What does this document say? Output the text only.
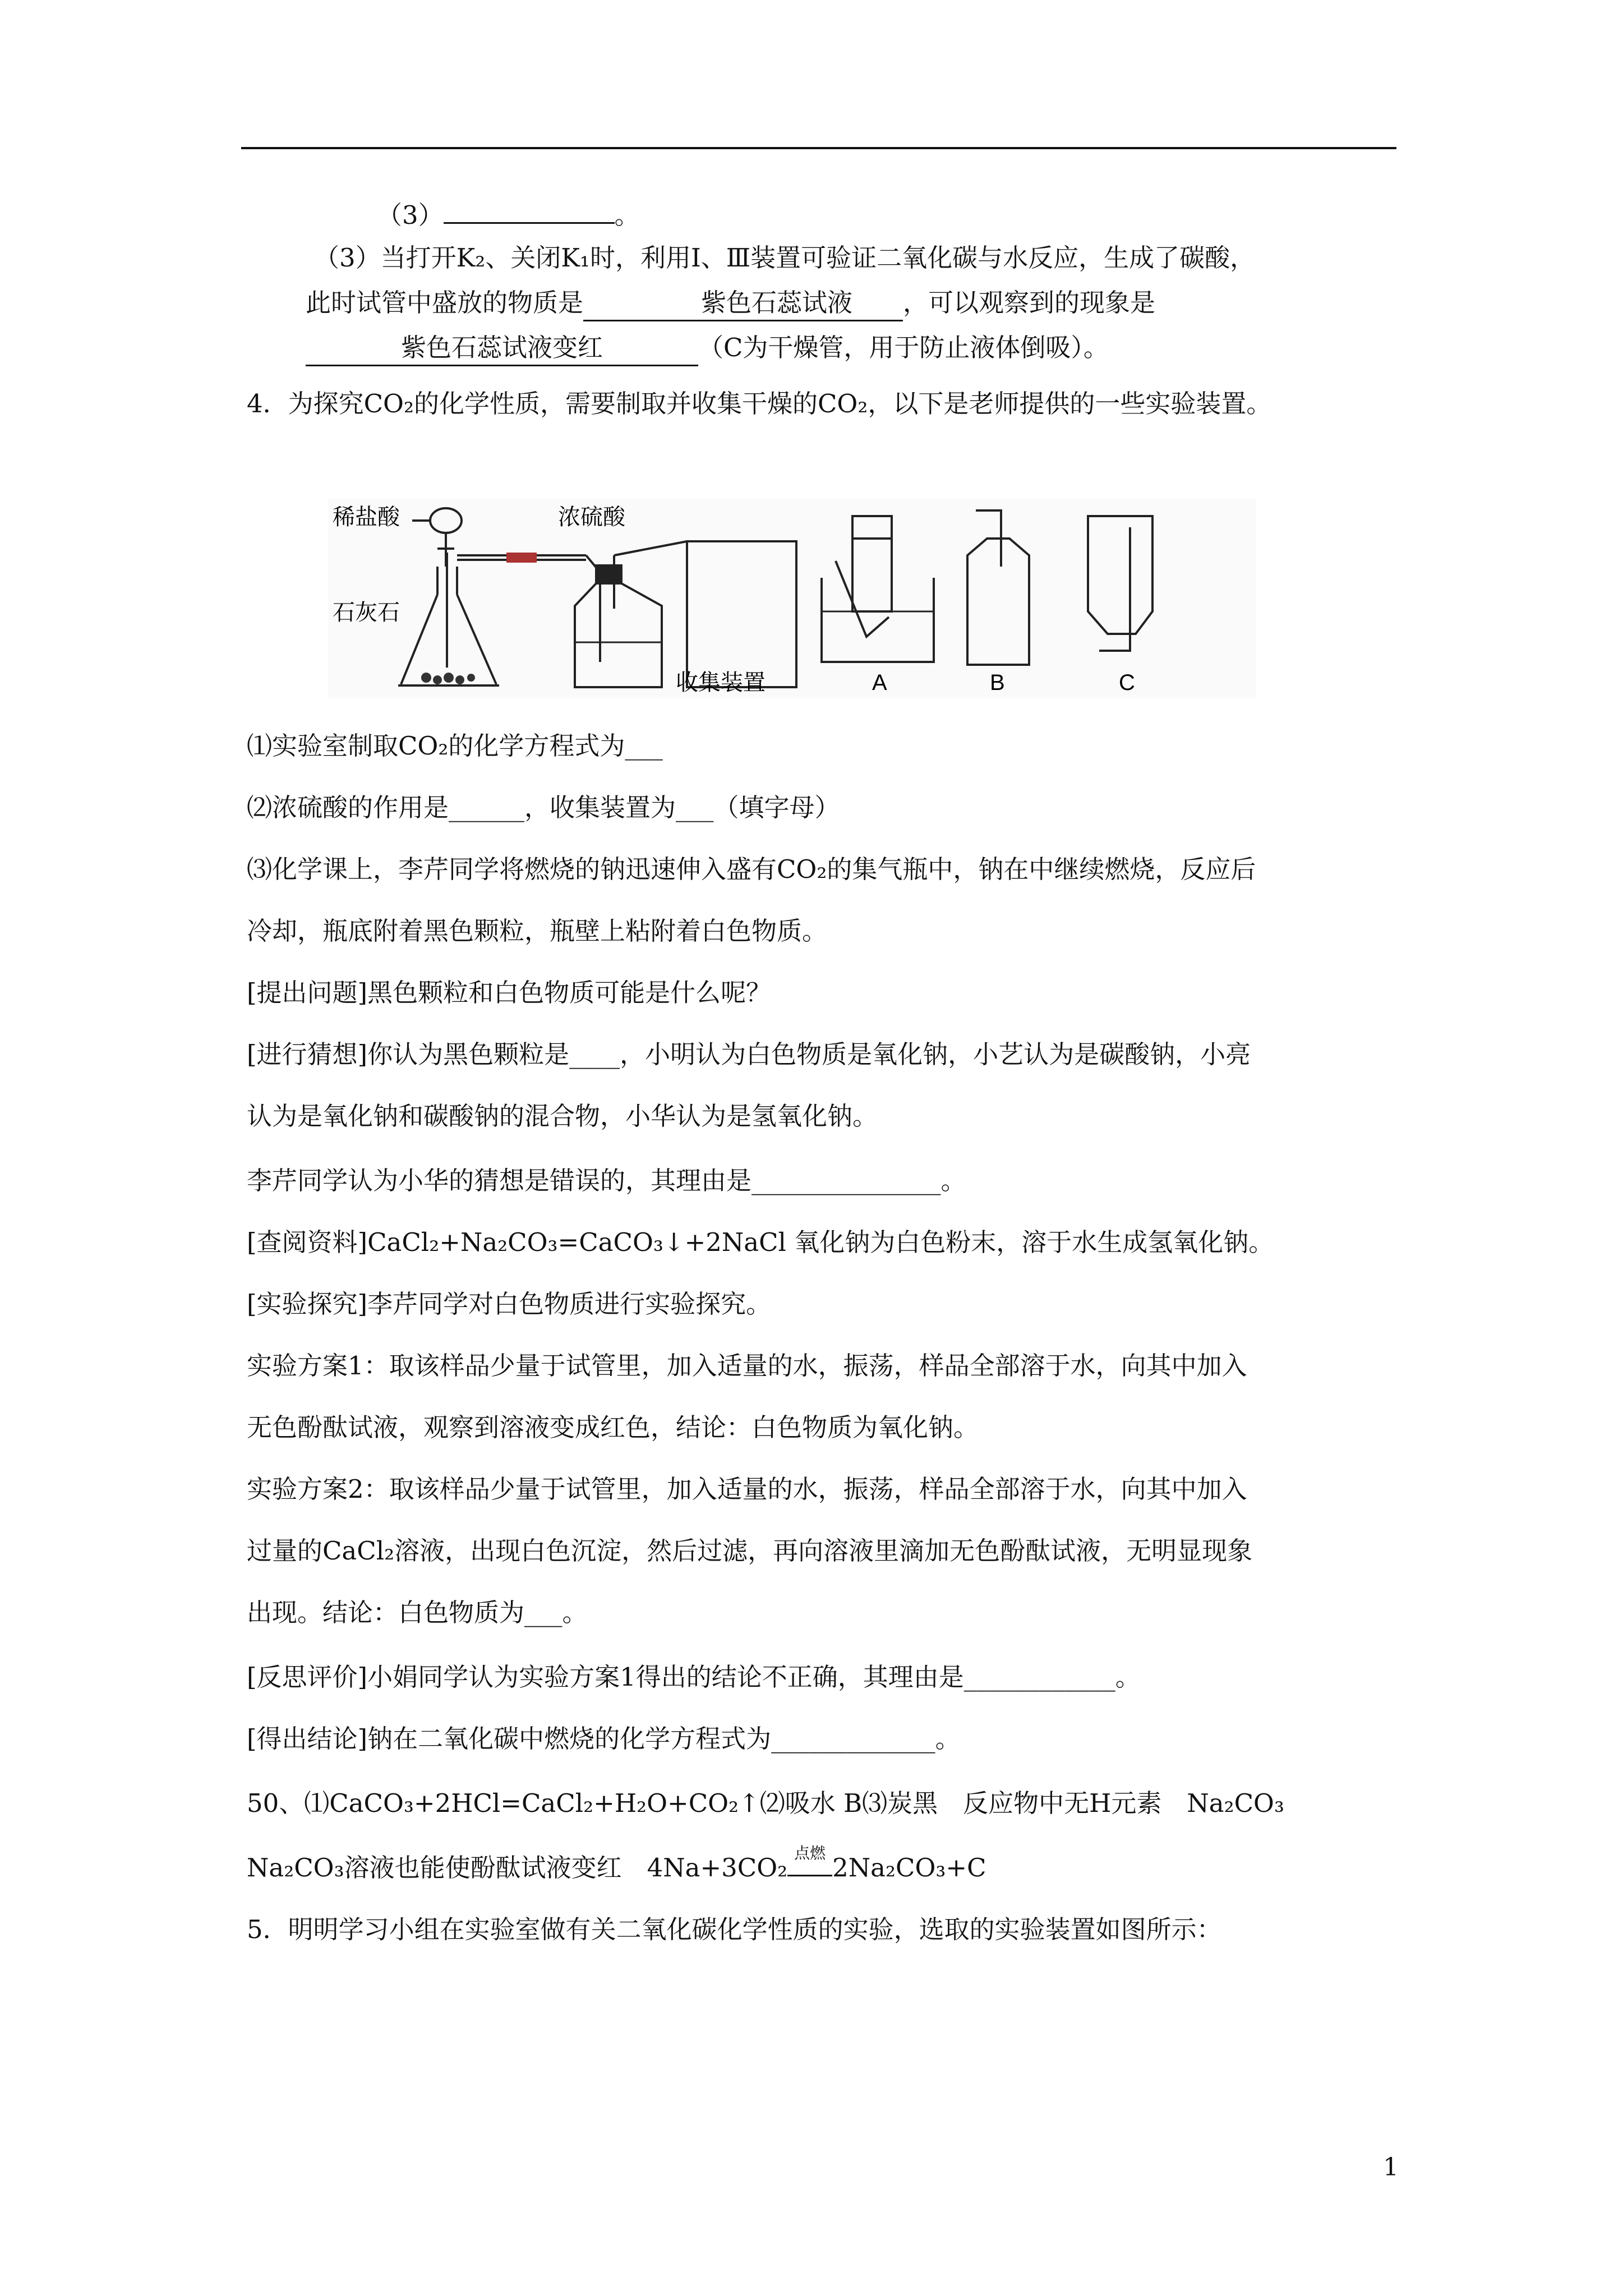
（3）	。
（3）当打开K₂、关闭K₁时，利用Ⅰ、Ⅲ装置可验证二氧化碳与水反应，生成了碳酸，
此时试管中盛放的物质是	紫色石蕊试液 ，可以观察到的现象是
紫色石蕊试液变红	（C为干燥管，用于防止液体倒吸）。
4．为探究CO₂的化学性质，需要制取并收集干燥的CO₂，以下是老师提供的一些实验装置。
稀盐酸
石灰石
浓硫酸
收集装置	A	B	C
⑴实验室制取CO₂的化学方程式为___
⑵浓硫酸的作用是______，收集装置为___（填字母）
⑶化学课上，李芹同学将燃烧的钠迅速伸入盛有CO₂的集气瓶中，钠在中继续燃烧，反应后
冷却，瓶底附着黑色颗粒，瓶壁上粘附着白色物质。
[提出问题]黑色颗粒和白色物质可能是什么呢？
[进行猜想]你认为黑色颗粒是____，小明认为白色物质是氧化钠，小艺认为是碳酸钠，小亮
认为是氧化钠和碳酸钠的混合物，小华认为是氢氧化钠。
李芹同学认为小华的猜想是错误的，其理由是_______________。
[查阅资料]CaCl₂+Na₂CO₃=CaCO₃↓+2NaCl 氧化钠为白色粉末，溶于水生成氢氧化钠。
[实验探究]李芹同学对白色物质进行实验探究。
实验方案1：取该样品少量于试管里，加入适量的水，振荡，样品全部溶于水，向其中加入
无色酚酞试液，观察到溶液变成红色，结论：白色物质为氧化钠。
实验方案2：取该样品少量于试管里，加入适量的水，振荡，样品全部溶于水，向其中加入
过量的CaCl₂溶液，出现白色沉淀，然后过滤，再向溶液里滴加无色酚酞试液，无明显现象
出现。结论：白色物质为___。
[反思评价]小娟同学认为实验方案1得出的结论不正确，其理由是____________。
[得出结论]钠在二氧化碳中燃烧的化学方程式为_____________。
50、⑴CaCO₃+2HCl=CaCl₂+H₂O+CO₂↑⑵吸水 B⑶炭黑　反应物中无H元素　Na₂CO₃
Na₂CO₃溶液也能使酚酞试液变红　4Na+3CO₂ 点燃 2Na₂CO₃+C
5．明明学习小组在实验室做有关二氧化碳化学性质的实验，选取的实验装置如图所示：
1
